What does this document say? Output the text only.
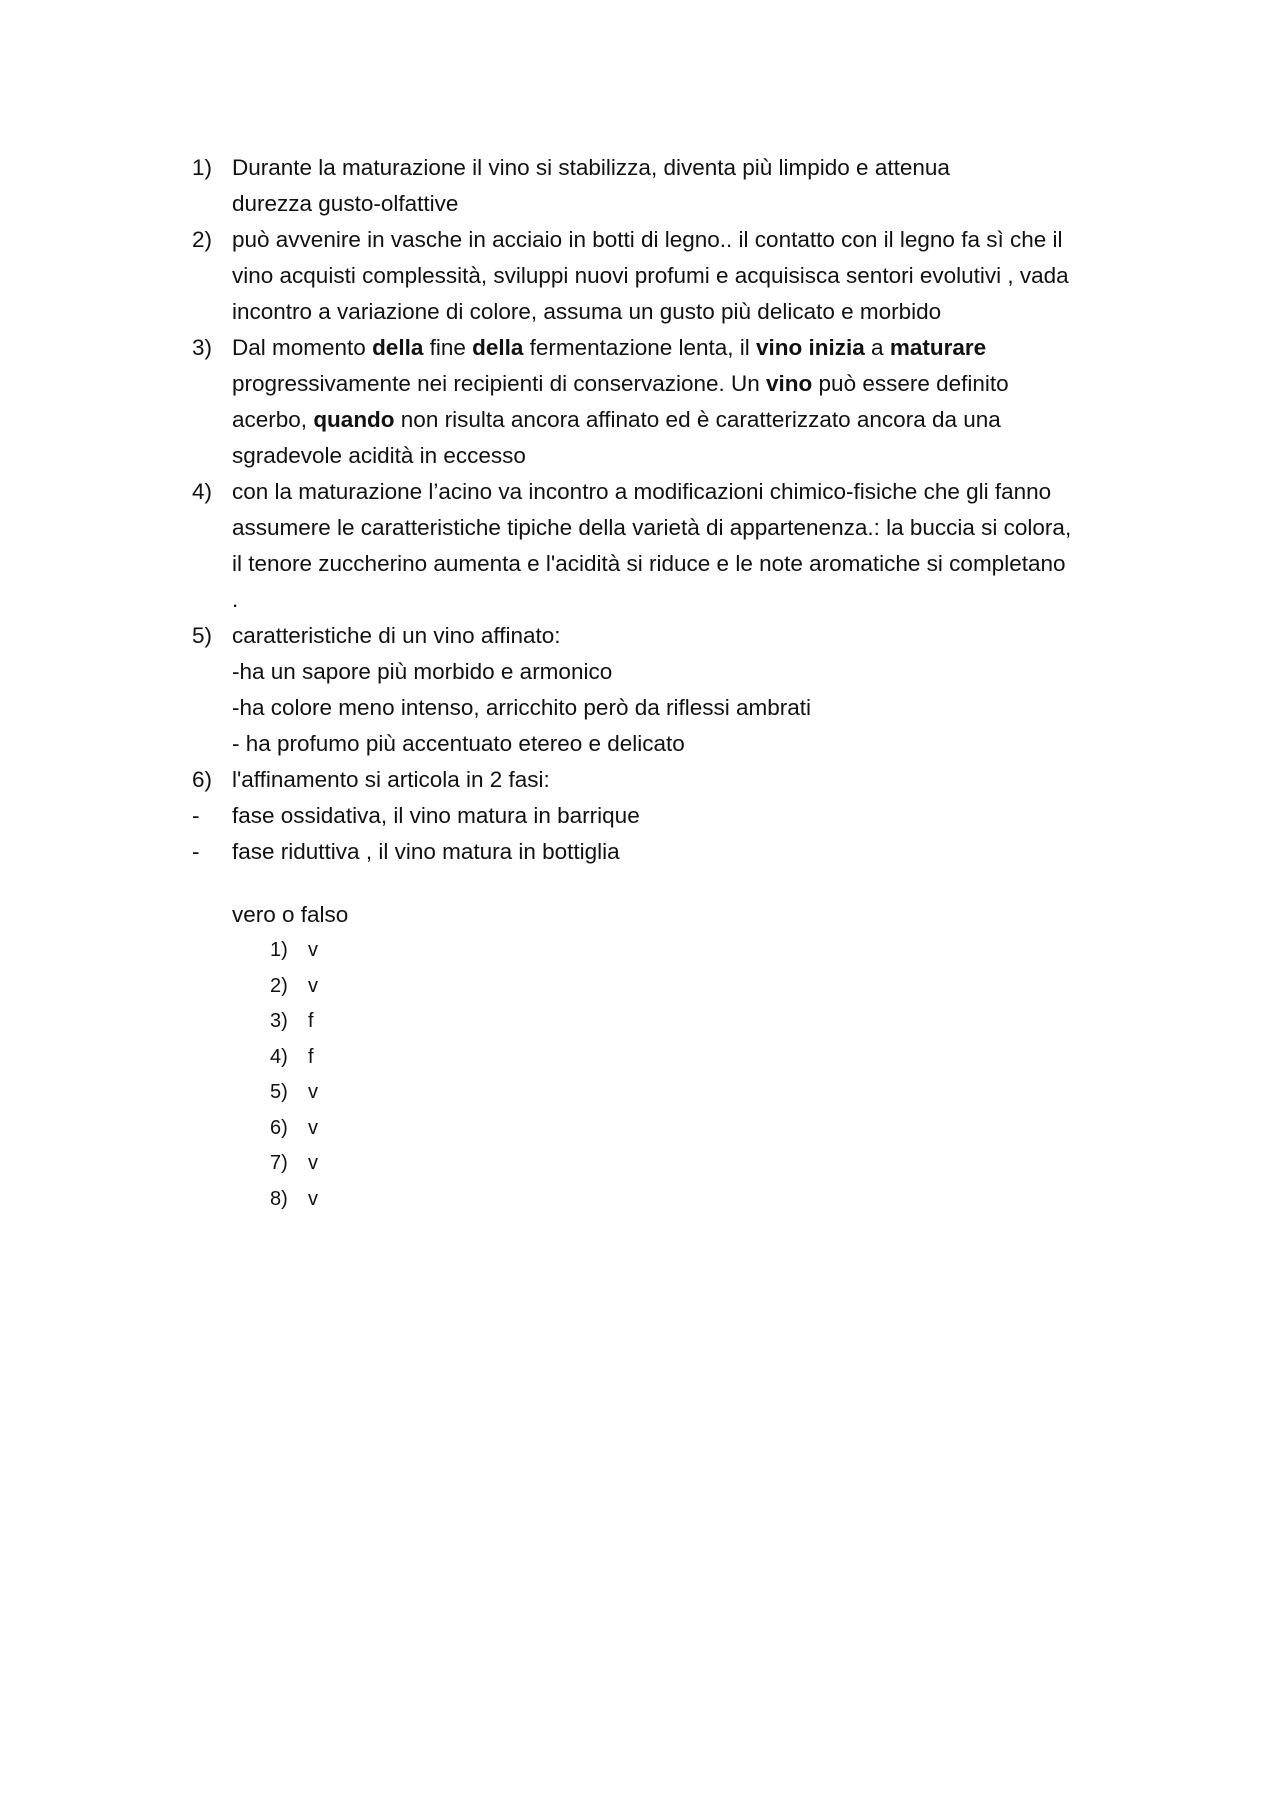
1) Durante la maturazione il vino si stabilizza, diventa più limpido e attenua
durezza gusto-olfattive
2) può avvenire in vasche in acciaio in botti di legno.. il contatto con il legno fa sì che il
vino acquisti complessità, sviluppi nuovi profumi e acquisisca sentori evolutivi , vada
incontro a variazione di colore, assuma un gusto più delicato e morbido
3) Dal momento della fine della fermentazione lenta, il vino inizia a maturare
progressivamente nei recipienti di conservazione. Un vino può essere definito
acerbo, quando non risulta ancora affinato ed è caratterizzato ancora da una
sgradevole acidità in eccesso
4) con la maturazione l’acino va incontro a modificazioni chimico-fisiche che gli fanno
assumere le caratteristiche tipiche della varietà di appartenenza.: la buccia si colora,
il tenore zuccherino aumenta e l'acidità si riduce e le note aromatiche si completano
.
5) caratteristiche di un vino affinato:
-ha un sapore più morbido e armonico
-ha colore meno intenso, arricchito però da riflessi ambrati
- ha profumo più accentuato etereo e delicato
6) l'affinamento si articola in 2 fasi:
-	fase ossidativa, il vino matura in barrique
-	fase riduttiva , il vino matura in bottiglia
vero o falso
1)	v
2)	v
3)	f
4)	f
5)	v
6)	v
7)	v
8)	v
